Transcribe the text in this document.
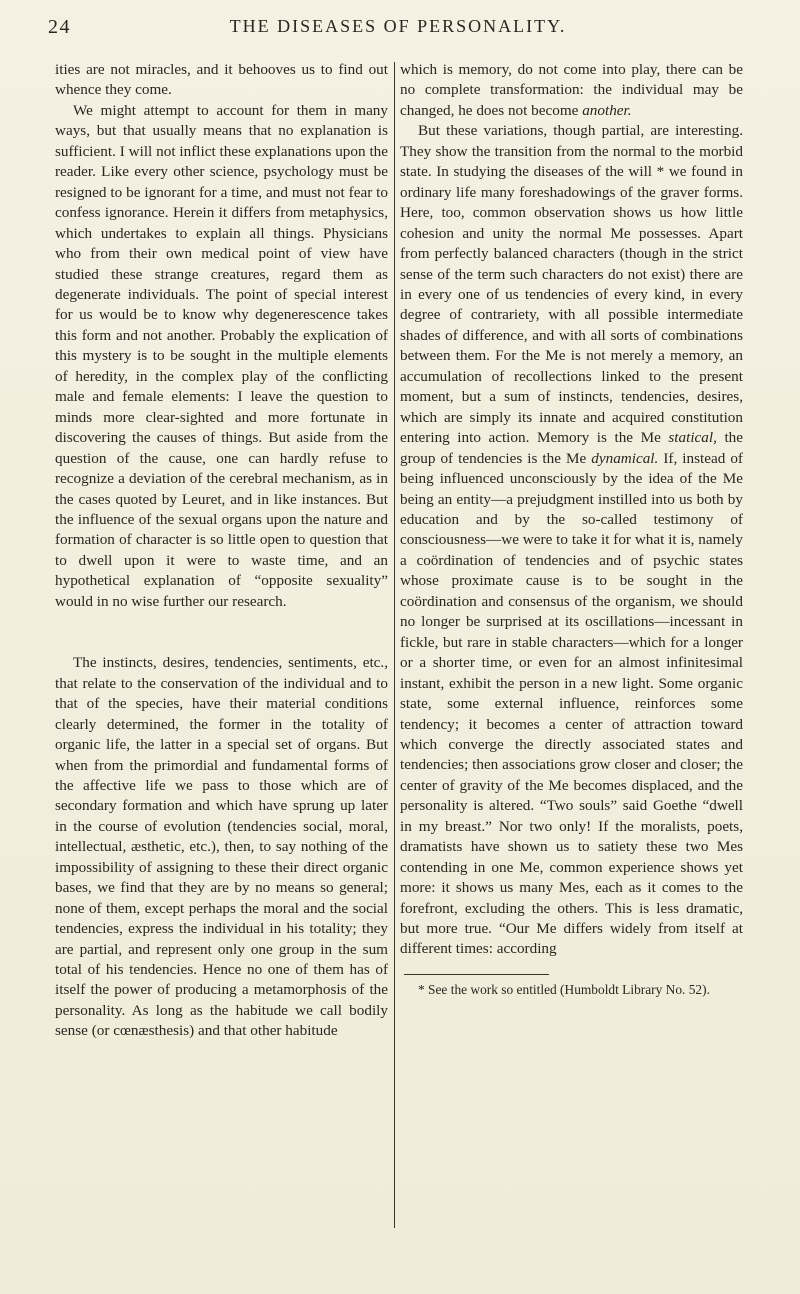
24	THE DISEASES OF PERSONALITY.

ities are not miracles, and it behooves us to find out whence they come.

We might attempt to account for them in many ways, but that usually means that no explanation is sufficient. I will not inflict these explanations upon the reader. Like every other science, psychology must be resigned to be ignorant for a time, and must not fear to confess ignorance. Herein it differs from metaphysics, which undertakes to explain all things. Physicians who from their own medical point of view have studied these strange creatures, regard them as degenerate individuals. The point of special interest for us would be to know why degenerescence takes this form and not another. Probably the explication of this mystery is to be sought in the multiple elements of heredity, in the complex play of the conflicting male and female elements: I leave the question to minds more clear-sighted and more fortunate in discovering the causes of things. But aside from the question of the cause, one can hardly refuse to recognize a deviation of the cerebral mechanism, as in the cases quoted by Leuret, and in like instances. But the influence of the sexual organs upon the nature and formation of character is so little open to question that to dwell upon it were to waste time, and an hypothetical explanation of “opposite sexuality” would in no wise further our research.

The instincts, desires, tendencies, sentiments, etc., that relate to the conservation of the individual and to that of the species, have their material conditions clearly determined, the former in the totality of organic life, the latter in a special set of organs. But when from the primordial and fundamental forms of the affective life we pass to those which are of secondary formation and which have sprung up later in the course of evolution (tendencies social, moral, intellectual, æsthetic, etc.), then, to say nothing of the impossibility of assigning to these their direct organic bases, we find that they are by no means so general; none of them, except perhaps the moral and the social tendencies, express the individual in his totality; they are partial, and represent only one group in the sum total of his tendencies. Hence no one of them has of itself the power of producing a metamorphosis of the personality. As long as the habitude we call bodily sense (or cœnæsthesis) and that other habitude

which is memory, do not come into play, there can be no complete transformation: the individual may be changed, he does not become another.

But these variations, though partial, are interesting. They show the transition from the normal to the morbid state. In studying the diseases of the will * we found in ordinary life many foreshadowings of the graver forms. Here, too, common observation shows us how little cohesion and unity the normal Me possesses. Apart from perfectly balanced characters (though in the strict sense of the term such characters do not exist) there are in every one of us tendencies of every kind, in every degree of contrariety, with all possible intermediate shades of difference, and with all sorts of combinations between them. For the Me is not merely a memory, an accumulation of recollections linked to the present moment, but a sum of instincts, tendencies, desires, which are simply its innate and acquired constitution entering into action. Memory is the Me statical, the group of tendencies is the Me dynamical. If, instead of being influenced unconsciously by the idea of the Me being an entity—a prejudgment instilled into us both by education and by the so-called testimony of consciousness—we were to take it for what it is, namely a coördination of tendencies and of psychic states whose proximate cause is to be sought in the coördination and consensus of the organism, we should no longer be surprised at its oscillations—incessant in fickle, but rare in stable characters—which for a longer or a shorter time, or even for an almost infinitesimal instant, exhibit the person in a new light. Some organic state, some external influence, reinforces some tendency; it becomes a center of attraction toward which converge the directly associated states and tendencies; then associations grow closer and closer; the center of gravity of the Me becomes displaced, and the personality is altered. “Two souls” said Goethe “dwell in my breast.” Nor two only! If the moralists, poets, dramatists have shown us to satiety these two Mes contending in one Me, common experience shows yet more: it shows us many Mes, each as it comes to the forefront, excluding the others. This is less dramatic, but more true. “Our Me differs widely from itself at different times: according

* See the work so entitled (Humboldt Library No. 52).
